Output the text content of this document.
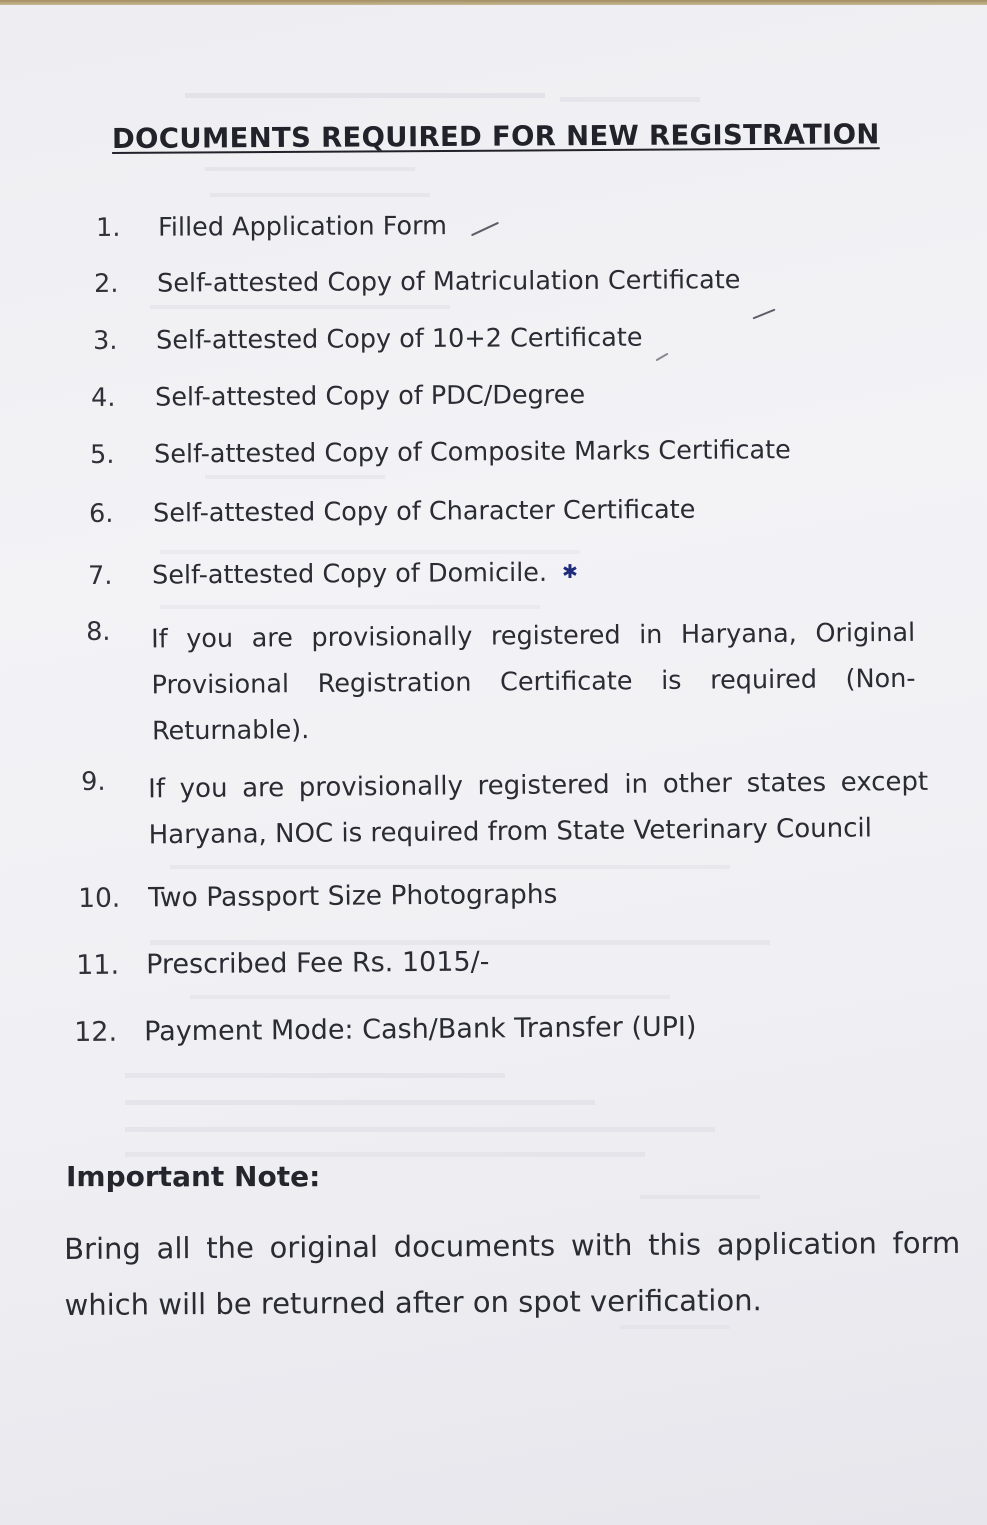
DOCUMENTS REQUIRED FOR NEW REGISTRATION
1. Filled Application Form
2. Self-attested Copy of Matriculation Certificate
3. Self-attested Copy of 10+2 Certificate
4. Self-attested Copy of PDC/Degree
5. Self-attested Copy of Composite Marks Certificate
6. Self-attested Copy of Character Certificate
7. Self-attested Copy of Domicile.
8. If you are provisionally registered in Haryana, Original Provisional Registration Certificate is required (Non-Returnable).
9. If you are provisionally registered in other states except Haryana, NOC is required from State Veterinary Council
10. Two Passport Size Photographs
11. Prescribed Fee Rs. 1015/-
12. Payment Mode: Cash/Bank Transfer (UPI)
✱
Important Note:
Bring all the original documents with this application form which will be returned after on spot verification.
